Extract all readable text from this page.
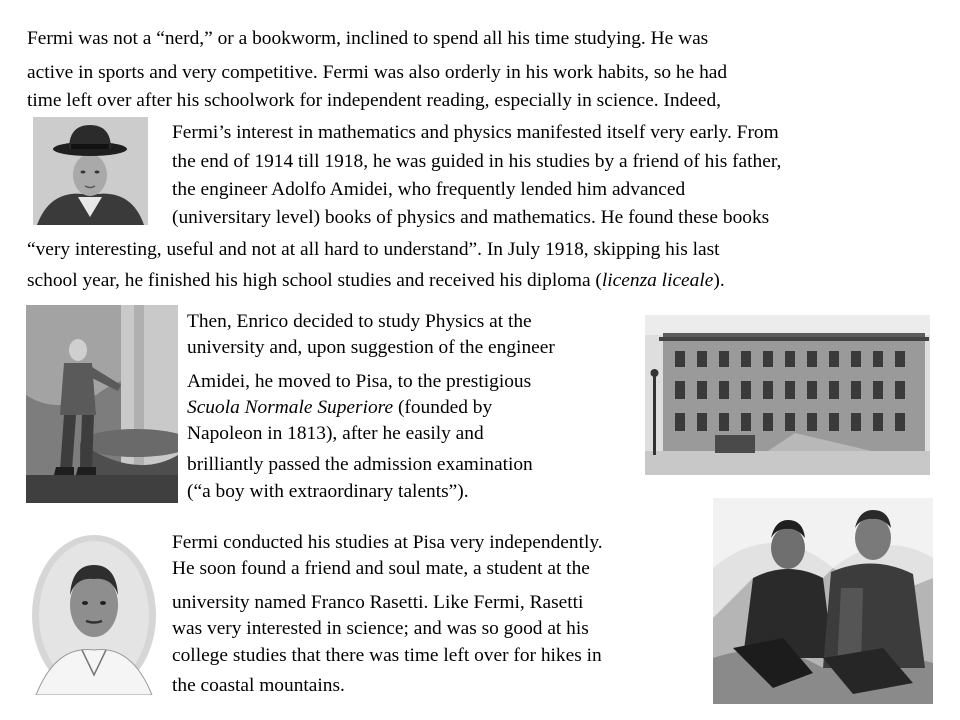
Fermi was not a “nerd,” or a bookworm, inclined to spend all his time studying. He was

active in sports and very competitive. Fermi was also orderly in his work habits, so he had

time left over after his schoolwork for independent reading, especially in science. Indeed,

Fermi’s interest in mathematics and physics manifested itself very early. From

the end of 1914 till 1918, he was guided in his studies by a friend of his father,

the engineer Adolfo Amidei, who frequently lended him advanced

(universitary level) books of physics and mathematics. He found these books

“very interesting, useful and not at all hard to understand”. In July 1918, skipping his last

school year, he finished his high school studies and received his diploma (licenza liceale).

Then, Enrico decided to study Physics at the

university and, upon suggestion of the engineer

Amidei, he moved to Pisa, to the prestigious

Scuola Normale Superiore (founded by

Napoleon in 1813), after he easily and

brilliantly passed the admission examination

(“a boy with extraordinary talents”).

Fermi conducted his studies at Pisa very independently.

He soon found a friend and soul mate, a student at the

university named Franco Rasetti. Like Fermi, Rasetti

was very interested in science; and was so good at his

college studies that there was time left over for hikes in

the coastal mountains.
